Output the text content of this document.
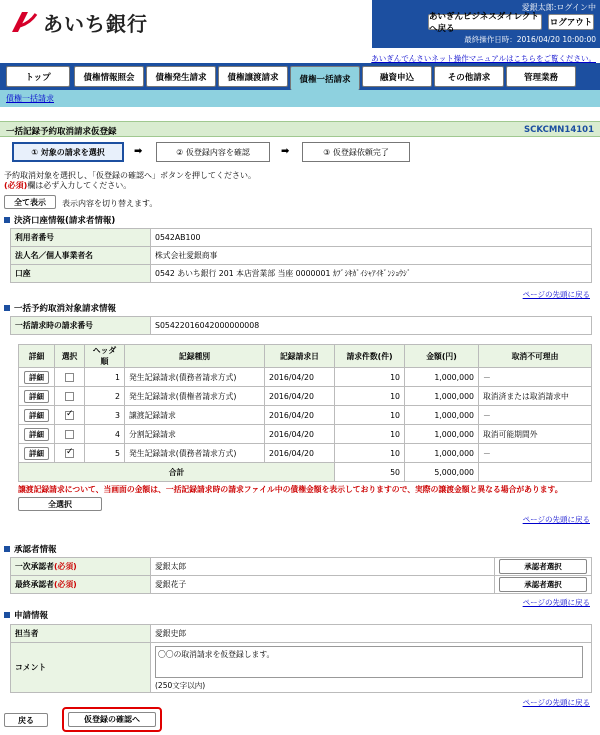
あいち銀行
愛銀太郎:ログイン中
あいぎんビジネスダイレクトへ戻る
ログアウト
最終操作日時：2016/04/20 10:00:00
あいぎんでんさいネット操作マニュアルはこちらをご覧ください。
トップ	債権情報照会	債権発生請求	債権譲渡請求	債権一括請求	融資申込	その他請求	管理業務
債権一括請求
一括記録予約取消請求仮登録	SCKCMN14101
① 対象の請求を選択	➡	② 仮登録内容を確認	➡	③ 仮登録依頼完了
予約取消対象を選択し、「仮登録の確認へ」ボタンを押してください。
(必須)欄は必ず入力してください。
全て表示	表示内容を切り替えます。
決済口座情報(請求者情報)
利用者番号	0542AB100
法人名／個人事業者名	株式会社愛銀商事
口座	0542 あいち銀行 201 本店営業部 当座 0000001 ｶﾌﾞｼｷｶﾞｲｼｬｱｲｷﾞﾝｼｮｳｼﾞ
ページの先頭に戻る
一括予約取消対象請求情報
一括請求時の請求番号	S05422016042000000008
詳細	選択	ヘッダ順	記録種別	記録請求日	請求件数(件)	金額(円)	取消不可理由
詳細		1	発生記録請求(債務者請求方式)	2016/04/20	10	1,000,000	－
詳細		2	発生記録請求(債権者請求方式)	2016/04/20	10	1,000,000	取消済または取消請求中
詳細	✓	3	譲渡記録請求	2016/04/20	10	1,000,000	－
詳細		4	分割記録請求	2016/04/20	10	1,000,000	取消可能期間外
詳細	✓	5	発生記録請求(債務者請求方式)	2016/04/20	10	1,000,000	－
合計					50	5,000,000	
譲渡記録請求について、当画面の金額は、一括記録請求時の請求ファイル中の債権金額を表示しておりますので、実際の譲渡金額と異なる場合があります。
全選択
ページの先頭に戻る
承認者情報
一次承認者(必須)	愛銀太郎	承認者選択
最終承認者(必須)	愛銀花子	承認者選択
ページの先頭に戻る
申請情報
担当者	愛銀史郎
コメント	〇〇の取消請求を仮登録します。
(250文字以内)
ページの先頭に戻る
戻る	仮登録の確認へ
